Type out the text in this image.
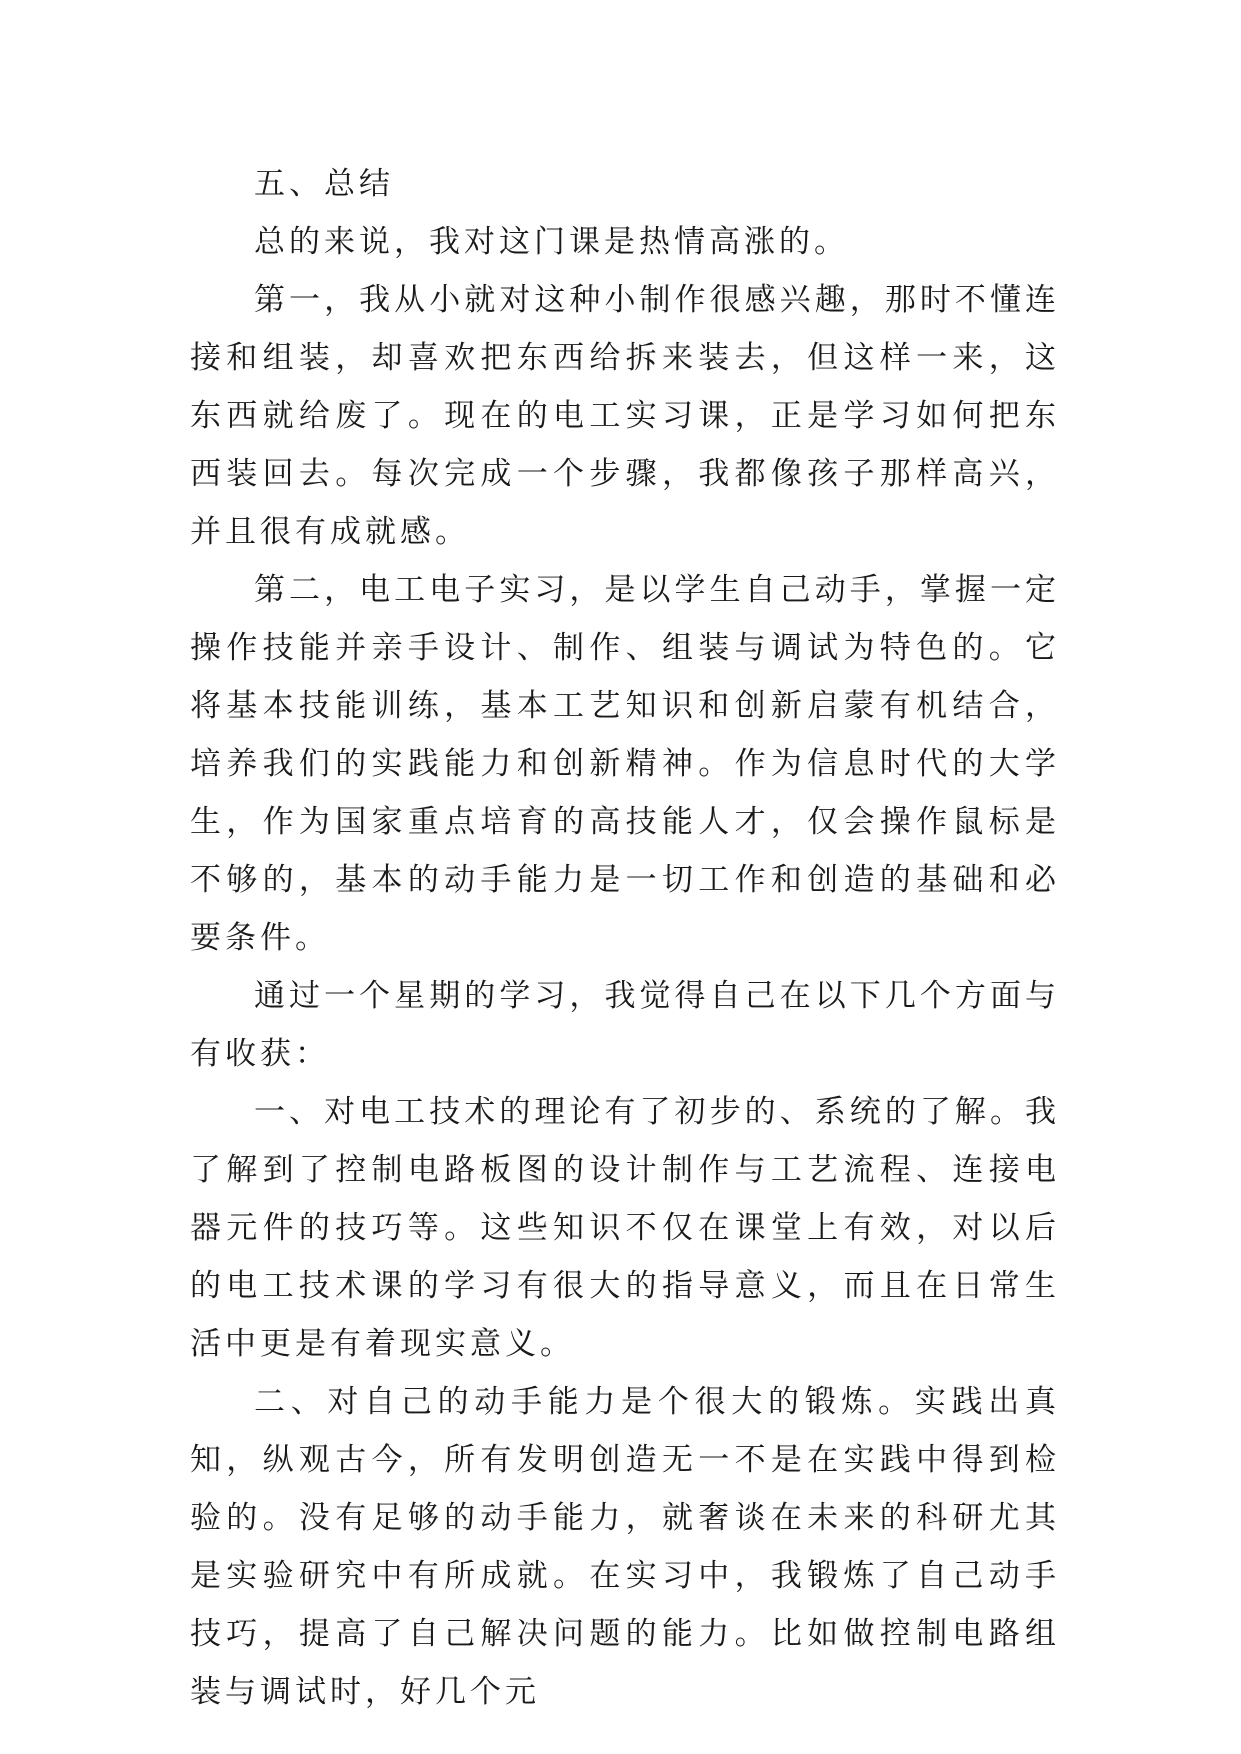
五、总结

总的来说，我对这门课是热情高涨的。

第一，我从小就对这种小制作很感兴趣，那时不懂连接和组装，却喜欢把东西给拆来装去，但这样一来，这东西就给废了。现在的电工实习课，正是学习如何把东西装回去。每次完成一个步骤，我都像孩子那样高兴，并且很有成就感。

第二，电工电子实习，是以学生自己动手，掌握一定操作技能并亲手设计、制作、组装与调试为特色的。它将基本技能训练，基本工艺知识和创新启蒙有机结合，培养我们的实践能力和创新精神。作为信息时代的大学生，作为国家重点培育的高技能人才，仅会操作鼠标是不够的，基本的动手能力是一切工作和创造的基础和必要条件。

通过一个星期的学习，我觉得自己在以下几个方面与有收获：

一、对电工技术的理论有了初步的、系统的了解。我了解到了控制电路板图的设计制作与工艺流程、连接电器元件的技巧等。这些知识不仅在课堂上有效，对以后的电工技术课的学习有很大的指导意义，而且在日常生活中更是有着现实意义。

二、对自己的动手能力是个很大的锻炼。实践出真知，纵观古今，所有发明创造无一不是在实践中得到检验的。没有足够的动手能力，就奢谈在未来的科研尤其是实验研究中有所成就。在实习中，我锻炼了自己动手技巧，提高了自己解决问题的能力。比如做控制电路组装与调试时，好几个元
